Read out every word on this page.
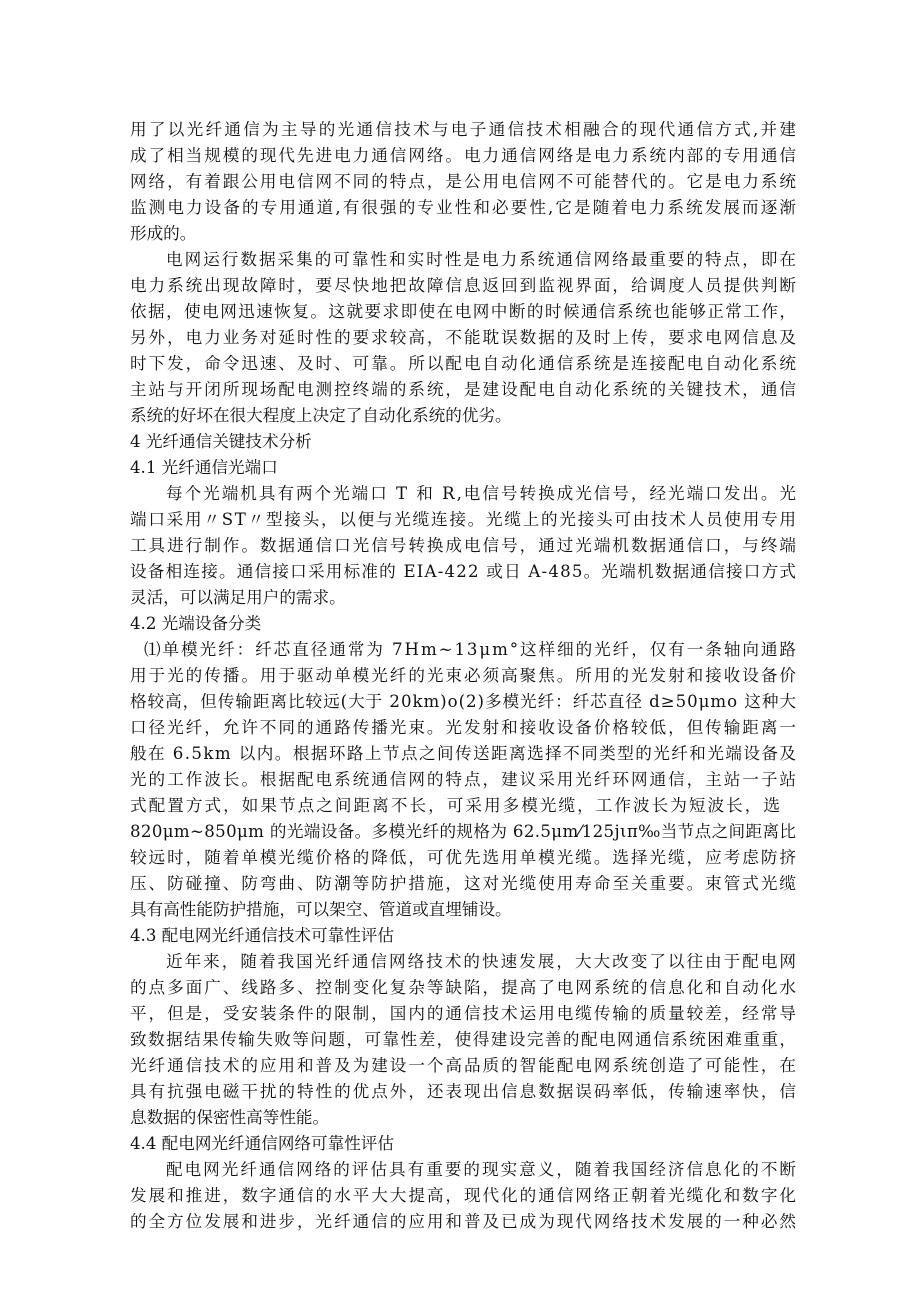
用了以光纤通信为主导的光通信技术与电子通信技术相融合的现代通信方式,并建
成了相当规模的现代先进电力通信网络。电力通信网络是电力系统内部的专用通信
网络，有着跟公用电信网不同的特点，是公用电信网不可能替代的。它是电力系统
监测电力设备的专用通道,有很强的专业性和必要性,它是随着电力系统发展而逐渐
形成的。
电网运行数据采集的可靠性和实时性是电力系统通信网络最重要的特点，即在
电力系统出现故障时，要尽快地把故障信息返回到监视界面，给调度人员提供判断
依据，使电网迅速恢复。这就要求即使在电网中断的时候通信系统也能够正常工作，
另外，电力业务对延时性的要求较高，不能耽误数据的及时上传，要求电网信息及
时下发，命令迅速、及时、可靠。所以配电自动化通信系统是连接配电自动化系统
主站与开闭所现场配电测控终端的系统，是建设配电自动化系统的关键技术，通信
系统的好坏在很大程度上决定了自动化系统的优劣。
4 光纤通信关键技术分析
4.1 光纤通信光端口
每个光端机具有两个光端口 T 和 R,电信号转换成光信号，经光端口发出。光
端口采用〃ST〃型接头，以便与光缆连接。光缆上的光接头可由技术人员使用专用
工具进行制作。数据通信口光信号转换成电信号，通过光端机数据通信口，与终端
设备相连接。通信接口采用标准的 EIA-422 或日 A-485。光端机数据通信接口方式
灵活，可以满足用户的需求。
4.2 光端设备分类
⑴单模光纤：纤芯直径通常为 7Hm~13μm°这样细的光纤，仅有一条轴向通路
用于光的传播。用于驱动单模光纤的光束必须高聚焦。所用的光发射和接收设备价
格较高，但传输距离比较远(大于 20km)o(2)多模光纤：纤芯直径 d≥50μmo 这种大
口径光纤，允许不同的通路传播光束。光发射和接收设备价格较低，但传输距离一
般在 6.5km 以内。根据环路上节点之间传送距离选择不同类型的光纤和光端设备及
光的工作波长。根据配电系统通信网的特点，建议采用光纤环网通信，主站一子站
式配置方式，如果节点之间距离不长，可采用多模光缆，工作波长为短波长，选
820μm~850μm 的光端设备。多模光纤的规格为 62.5μm⁄125jιπ‰当节点之间距离比
较远时，随着单模光缆价格的降低，可优先选用单模光缆。选择光缆，应考虑防挤
压、防碰撞、防弯曲、防潮等防护措施，这对光缆使用寿命至关重要。束管式光缆
具有高性能防护措施，可以架空、管道或直埋铺设。
4.3 配电网光纤通信技术可靠性评估
近年来，随着我国光纤通信网络技术的快速发展，大大改变了以往由于配电网
的点多面广、线路多、控制变化复杂等缺陷，提高了电网系统的信息化和自动化水
平，但是，受安装条件的限制，国内的通信技术运用电缆传输的质量较差，经常导
致数据结果传输失败等问题，可靠性差，使得建设完善的配电网通信系统困难重重，
光纤通信技术的应用和普及为建设一个高品质的智能配电网系统创造了可能性，在
具有抗强电磁干扰的特性的优点外，还表现出信息数据误码率低，传输速率快，信
息数据的保密性高等性能。
4.4 配电网光纤通信网络可靠性评估
配电网光纤通信网络的评估具有重要的现实意义，随着我国经济信息化的不断
发展和推进，数字通信的水平大大提高，现代化的通信网络正朝着光缆化和数字化
的全方位发展和进步，光纤通信的应用和普及已成为现代网络技术发展的一种必然
